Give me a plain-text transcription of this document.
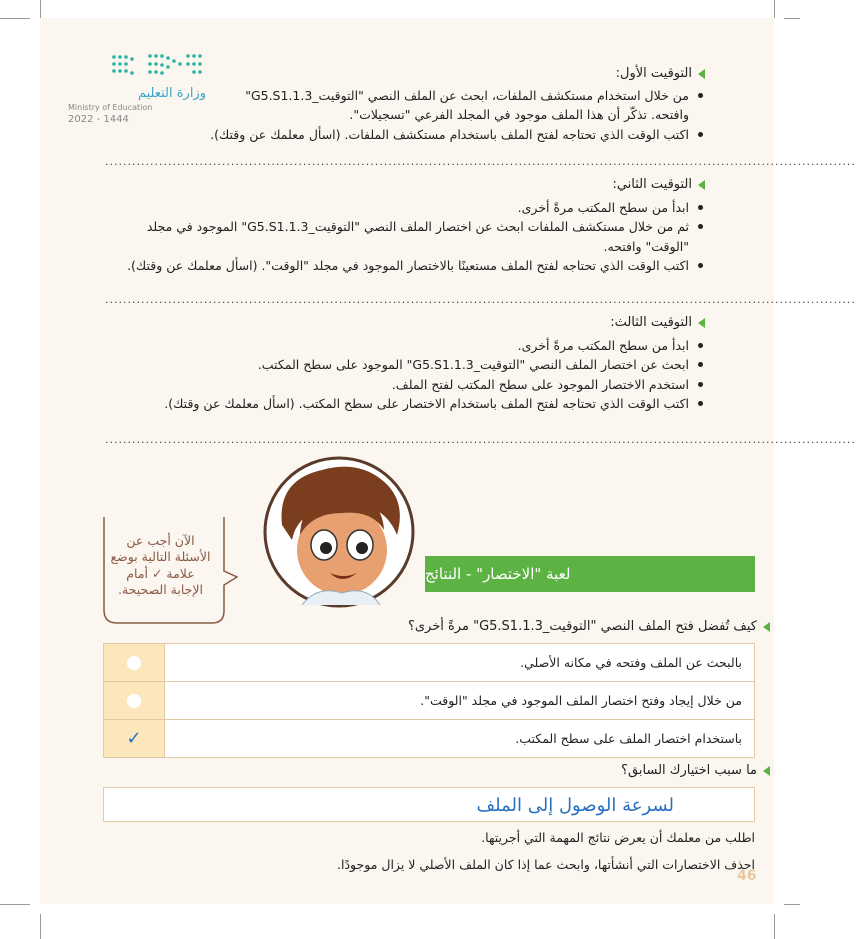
وزارة التعليم
Ministry of Education
2022 - 1444
التوقيت الأول:
من خلال استخدام مستكشف الملفات، ابحث عن الملف النصي "التوقيت_G5.S1.1.3" وافتحه. تذكّر أن هذا الملف موجود في المجلد الفرعي "تسجيلات".
اكتب الوقت الذي تحتاجه لفتح الملف باستخدام مستكشف الملفات. (اسأل معلمك عن وقتك).
.......................................................................................................................................................................
التوقيت الثاني:
ابدأ من سطح المكتب مرةً أخرى.
ثم من خلال مستكشف الملفات ابحث عن اختصار الملف النصي "التوقيت_G5.S1.1.3" الموجود في مجلد "الوقت" وافتحه.
اكتب الوقت الذي تحتاجه لفتح الملف مستعينًا بالاختصار الموجود في مجلد "الوقت". (اسأل معلمك عن وقتك).
.......................................................................................................................................................................
التوقيت الثالث:
ابدأ من سطح المكتب مرةً أخرى.
ابحث عن اختصار الملف النصي "التوقيت_G5.S1.1.3" الموجود على سطح المكتب.
استخدم الاختصار الموجود على سطح المكتب لفتح الملف.
اكتب الوقت الذي تحتاجه لفتح الملف باستخدام الاختصار على سطح المكتب. (اسأل معلمك عن وقتك).
.......................................................................................................................................................................
الآن أجب عن
الأسئلة التالية بوضع
علامة ✓ أمام
الإجابة الصحيحة.
لعبة "الاختصار" - النتائج
كيف تُفضل فتح الملف النصي "التوقيت_G5.S1.1.3" مرةً أخرى؟
	بالبحث عن الملف وفتحه في مكانه الأصلي.
	من خلال إيجاد وفتح اختصار الملف الموجود في مجلد "الوقت".
✓	باستخدام اختصار الملف على سطح المكتب.
ما سبب اختيارك السابق؟
لسرعة الوصول إلى الملف
اطلب من معلمك أن يعرض نتائج المهمة التي أجريتها.
احذف الاختصارات التي أنشأتها، وابحث عما إذا كان الملف الأصلي لا يزال موجودًا.
46
